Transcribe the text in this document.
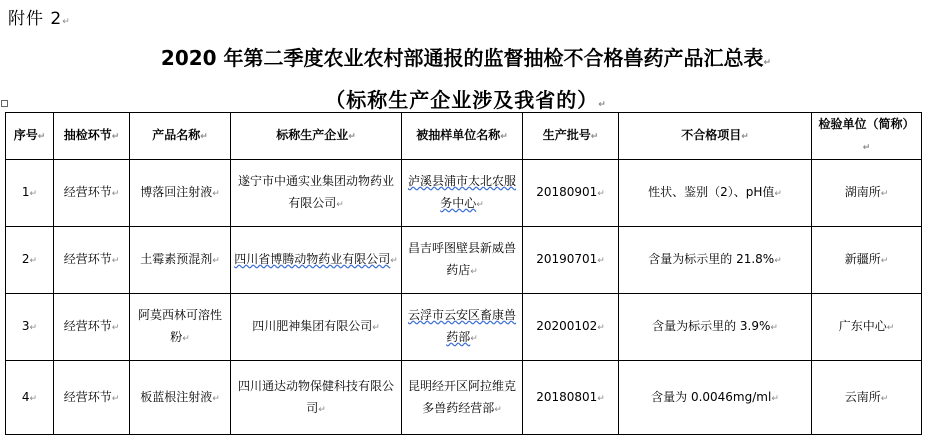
附件 2↵
2020 年第二季度农业农村部通报的监督抽检不合格兽药产品汇总表↵
（标称生产企业涉及我省的）↵
序号↵	抽检环节↵	产品名称↵	标称生产企业↵	被抽样单位名称↵	生产批号↵	不合格项目↵	检验单位（简称）↵
1↵	经营环节↵	博落回注射液↵	遂宁市中通实业集团动物药业有限公司↵	泸溪县浦市太北农服务中心↵	20180901↵	性状、鉴别（2）、pH值↵	湖南所↵
2↵	经营环节↵	土霉素预混剂↵	四川省博腾动物药业有限公司↵	昌吉呼图壁县新威兽药店↵	20190701↵	含量为标示里的 21.8%↵	新疆所↵
3↵	经营环节↵	阿莫西林可溶性粉↵	四川肥神集团有限公司↵	云浮市云安区畜康兽药部↵	20200102↵	含量为标示里的 3.9%↵	广东中心↵
4↵	经营环节↵	板蓝根注射液↵	四川通达动物保健科技有限公司↵	昆明经开区阿拉维克多兽药经营部↵	20180801↵	含量为 0.0046mg/ml↵	云南所↵
